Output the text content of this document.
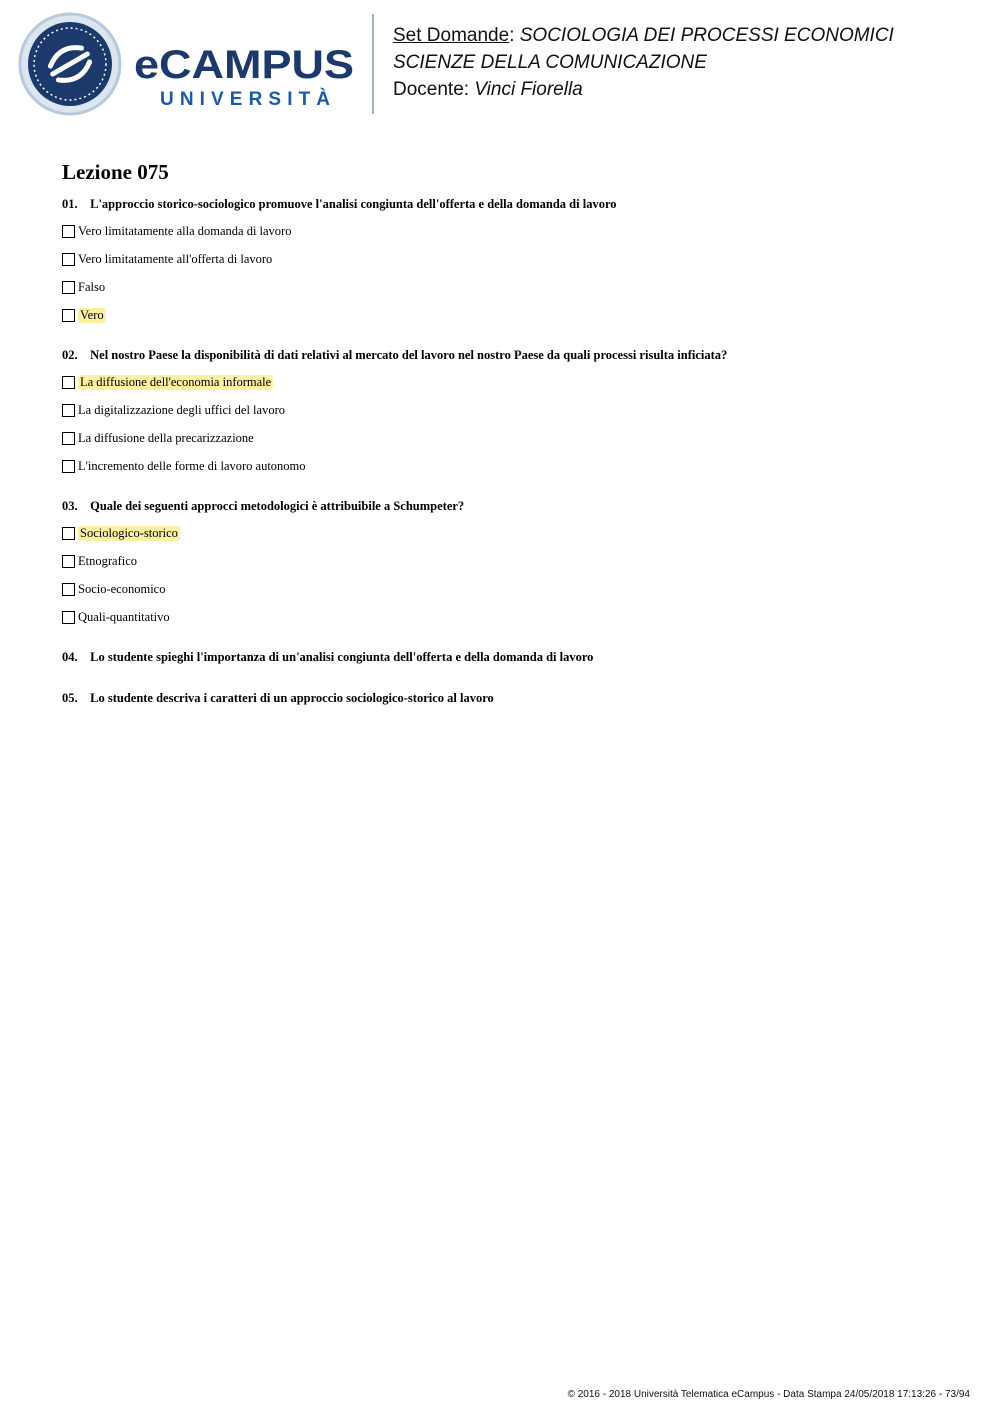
eCAMPUS
UNIVERSITÀ
Set Domande: SOCIOLOGIA DEI PROCESSI ECONOMICI
SCIENZE DELLA COMUNICAZIONE
Docente: Vinci Fiorella
Lezione 075
01. L'approccio storico-sociologico promuove l'analisi congiunta dell'offerta e della domanda di lavoro
Vero limitatamente alla domanda di lavoro
Vero limitatamente all'offerta di lavoro
Falso
Vero
02. Nel nostro Paese la disponibilità di dati relativi al mercato del lavoro nel nostro Paese da quali processi risulta inficiata?
La diffusione dell'economia informale
La digitalizzazione degli uffici del lavoro
La diffusione della precarizzazione
L'incremento delle forme di lavoro autonomo
03. Quale dei seguenti approcci metodologici è attribuibile a Schumpeter?
Sociologico-storico
Etnografico
Socio-economico
Quali-quantitativo
04. Lo studente spieghi l'importanza di un'analisi congiunta dell'offerta e della domanda di lavoro
05. Lo studente descriva i caratteri di un approccio sociologico-storico al lavoro
© 2016 - 2018 Università Telematica eCampus - Data Stampa 24/05/2018 17:13:26 - 73/94
